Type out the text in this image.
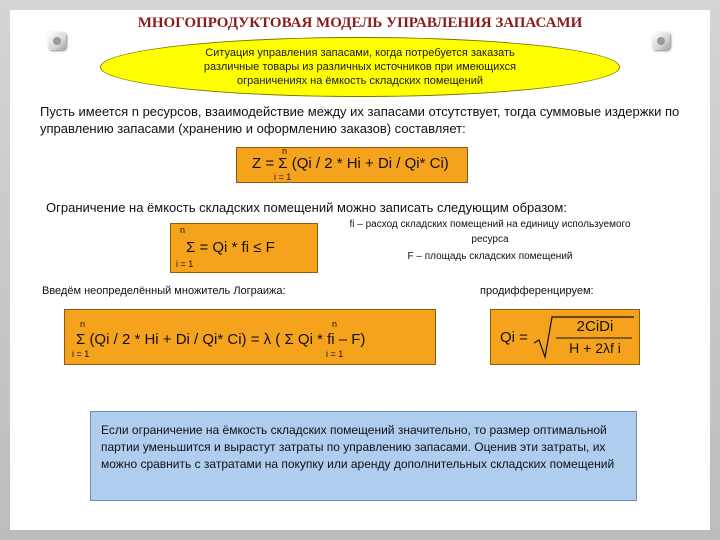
МНОГОПРОДУКТОВАЯ МОДЕЛЬ УПРАВЛЕНИЯ ЗАПАСАМИ
Ситуация управления запасами, когда потребуется заказать различные товары из различных источников при имеющихся ограничениях на ёмкость складских помещений
Пусть имеется n ресурсов, взаимодействие между их запасами отсутствует, тогда суммовые издержки по управлению запасами (хранению и оформлению заказов) составляет:
n
Z = Σ (Qi / 2 * Hi + Di / Qi* Ci)
i = 1
Ограничение на ёмкость складских помещений можно записать следующим образом:
n
Σ = Qi * fi ≤ F
i = 1
fi – расход складских помещений на единицу используемого ресурса
F – площадь складских помещений
Введём неопределённый множитель Лограижа:	продифференцируем:
n	n
Σ (Qi / 2 * Hi + Di / Qi* Ci) = λ ( Σ Qi * fi – F)
i = 1	i = 1
Qi =
2CiDi
H + 2λf i
Если ограничение на ёмкость складских помещений значительно, то размер оптимальной партии уменьшится и вырастут затраты по управлению запасами. Оценив эти затраты, их можно сравнить с затратами на покупку или аренду дополнительных складских помещений
